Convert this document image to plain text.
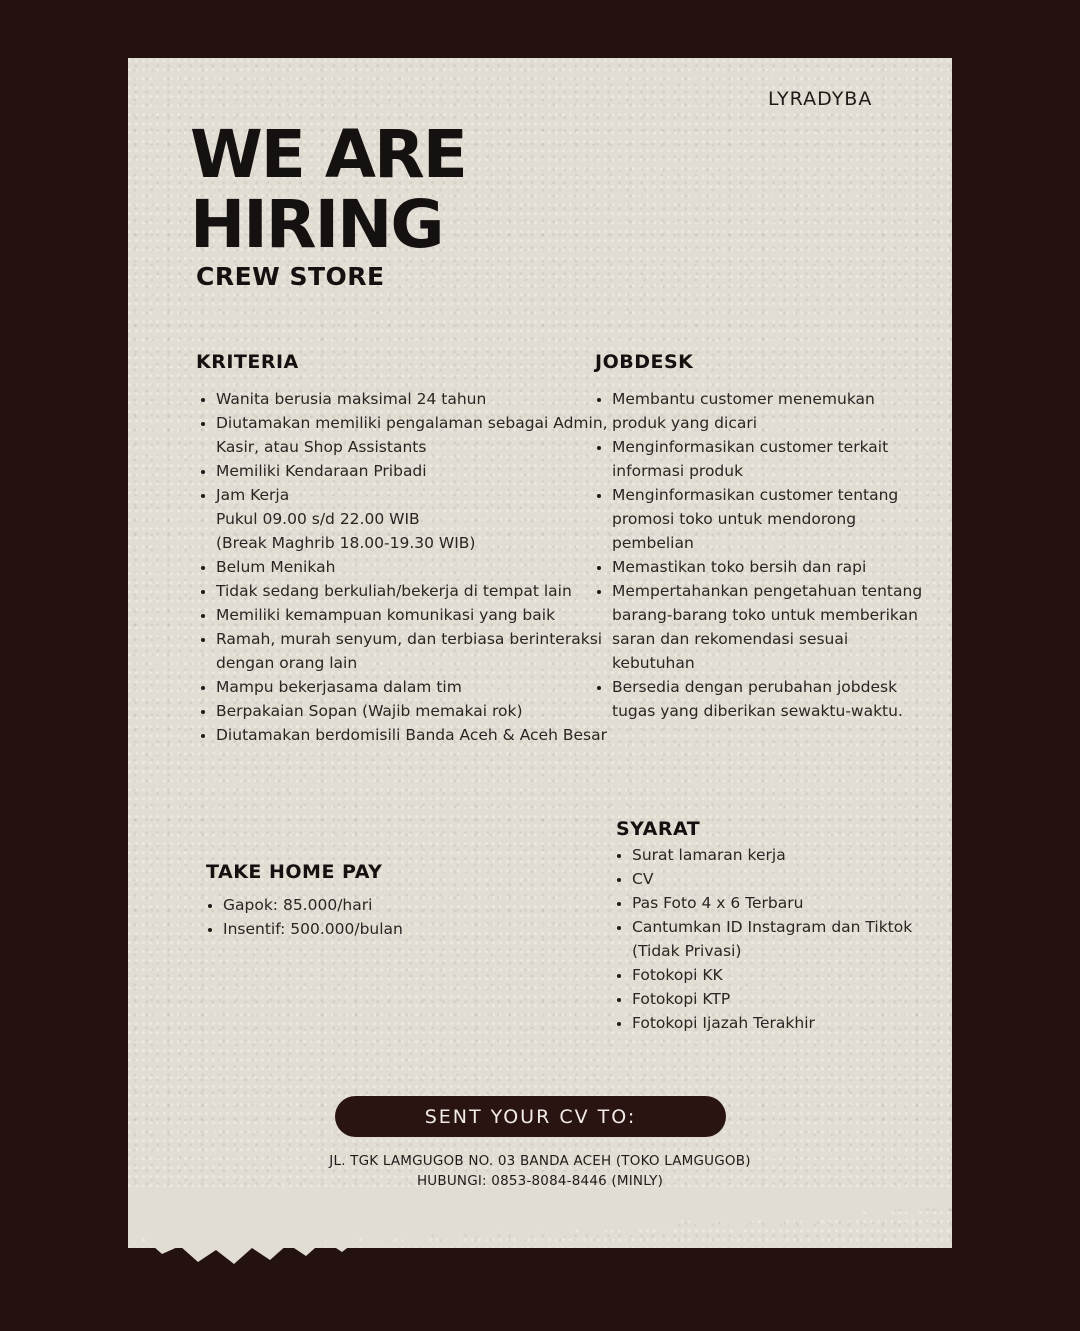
LYRADYBA
WE ARE
HIRING
CREW STORE
KRITERIA
• Wanita berusia maksimal 24 tahun
• Diutamakan memiliki pengalaman sebagai Admin, Kasir, atau Shop Assistants
• Memiliki Kendaraan Pribadi
• Jam Kerja
Pukul 09.00 s/d 22.00 WIB
(Break Maghrib 18.00-19.30 WIB)
• Belum Menikah
• Tidak sedang berkuliah/bekerja di tempat lain
• Memiliki kemampuan komunikasi yang baik
• Ramah, murah senyum, dan terbiasa berinteraksi dengan orang lain
• Mampu bekerjasama dalam tim
• Berpakaian Sopan (Wajib memakai rok)
• Diutamakan berdomisili Banda Aceh & Aceh Besar
JOBDESK
• Membantu customer menemukan produk yang dicari
• Menginformasikan customer terkait informasi produk
• Menginformasikan customer tentang promosi toko untuk mendorong pembelian
• Memastikan toko bersih dan rapi
• Mempertahankan pengetahuan tentang barang-barang toko untuk memberikan saran dan rekomendasi sesuai kebutuhan
• Bersedia dengan perubahan jobdesk tugas yang diberikan sewaktu-waktu.
TAKE HOME PAY
• Gapok: 85.000/hari
• Insentif: 500.000/bulan
SYARAT
• Surat lamaran kerja
• CV
• Pas Foto 4 x 6 Terbaru
• Cantumkan ID Instagram dan Tiktok (Tidak Privasi)
• Fotokopi KK
• Fotokopi KTP
• Fotokopi Ijazah Terakhir
SENT YOUR CV TO:
JL. TGK LAMGUGOB NO. 03 BANDA ACEH (TOKO LAMGUGOB)
HUBUNGI: 0853-8084-8446 (MINLY)
